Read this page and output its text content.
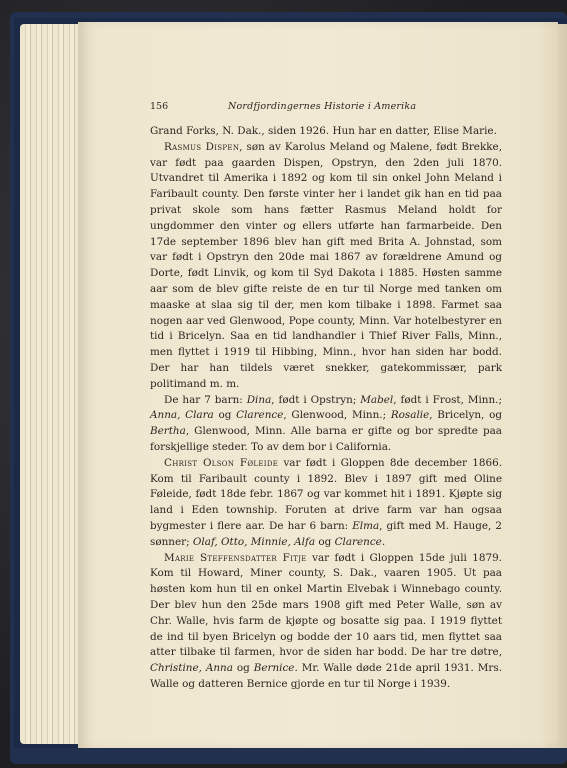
156	Nordfjordingernes Historie i Amerika

Grand Forks, N. Dak., siden 1926. Hun har en datter, Elise Marie.

Rasmus Dispen, søn av Karolus Meland og Malene, født Brekke, var født paa gaarden Dispen, Opstryn, den 2den juli 1870. Utvandret til Amerika i 1892 og kom til sin onkel John Meland i Faribault county. Den første vinter her i landet gik han en tid paa privat skole som hans fætter Rasmus Meland holdt for ungdommer den vinter og ellers utførte han farmarbeide. Den 17de september 1896 blev han gift med Brita A. Johnstad, som var født i Opstryn den 20de mai 1867 av forældrene Amund og Dorte, født Linvik, og kom til Syd Dakota i 1885. Høsten samme aar som de blev gifte reiste de en tur til Norge med tanken om maaske at slaa sig til der, men kom tilbake i 1898. Farmet saa nogen aar ved Glenwood, Pope county, Minn. Var hotelbestyrer en tid i Bricelyn. Saa en tid landhandler i Thief River Falls, Minn., men flyttet i 1919 til Hibbing, Minn., hvor han siden har bodd. Der har han tildels været snekker, gatekommissær, park politimand m. m.

De har 7 barn: Dina, født i Opstryn; Mabel, født i Frost, Minn.; Anna, Clara og Clarence, Glenwood, Minn.; Rosalie, Bricelyn, og Bertha, Glenwood, Minn. Alle barna er gifte og bor spredte paa forskjellige steder. To av dem bor i California.

Christ Olson Føleide var født i Gloppen 8de december 1866. Kom til Faribault county i 1892. Blev i 1897 gift med Oline Føleide, født 18de febr. 1867 og var kommet hit i 1891. Kjøpte sig land i Eden township. Foruten at drive farm var han ogsaa bygmester i flere aar. De har 6 barn: Elma, gift med M. Hauge, 2 sønner; Olaf, Otto, Minnie, Alfa og Clarence.

Marie Steffensdatter Fitje var født i Gloppen 15de juli 1879. Kom til Howard, Miner county, S. Dak., vaaren 1905. Ut paa høsten kom hun til en onkel Martin Elvebak i Winnebago county. Der blev hun den 25de mars 1908 gift med Peter Walle, søn av Chr. Walle, hvis farm de kjøpte og bosatte sig paa. I 1919 flyttet de ind til byen Bricelyn og bodde der 10 aars tid, men flyttet saa atter tilbake til farmen, hvor de siden har bodd. De har tre døtre, Christine, Anna og Bernice. Mr. Walle døde 21de april 1931. Mrs. Walle og datteren Bernice gjorde en tur til Norge i 1939.
